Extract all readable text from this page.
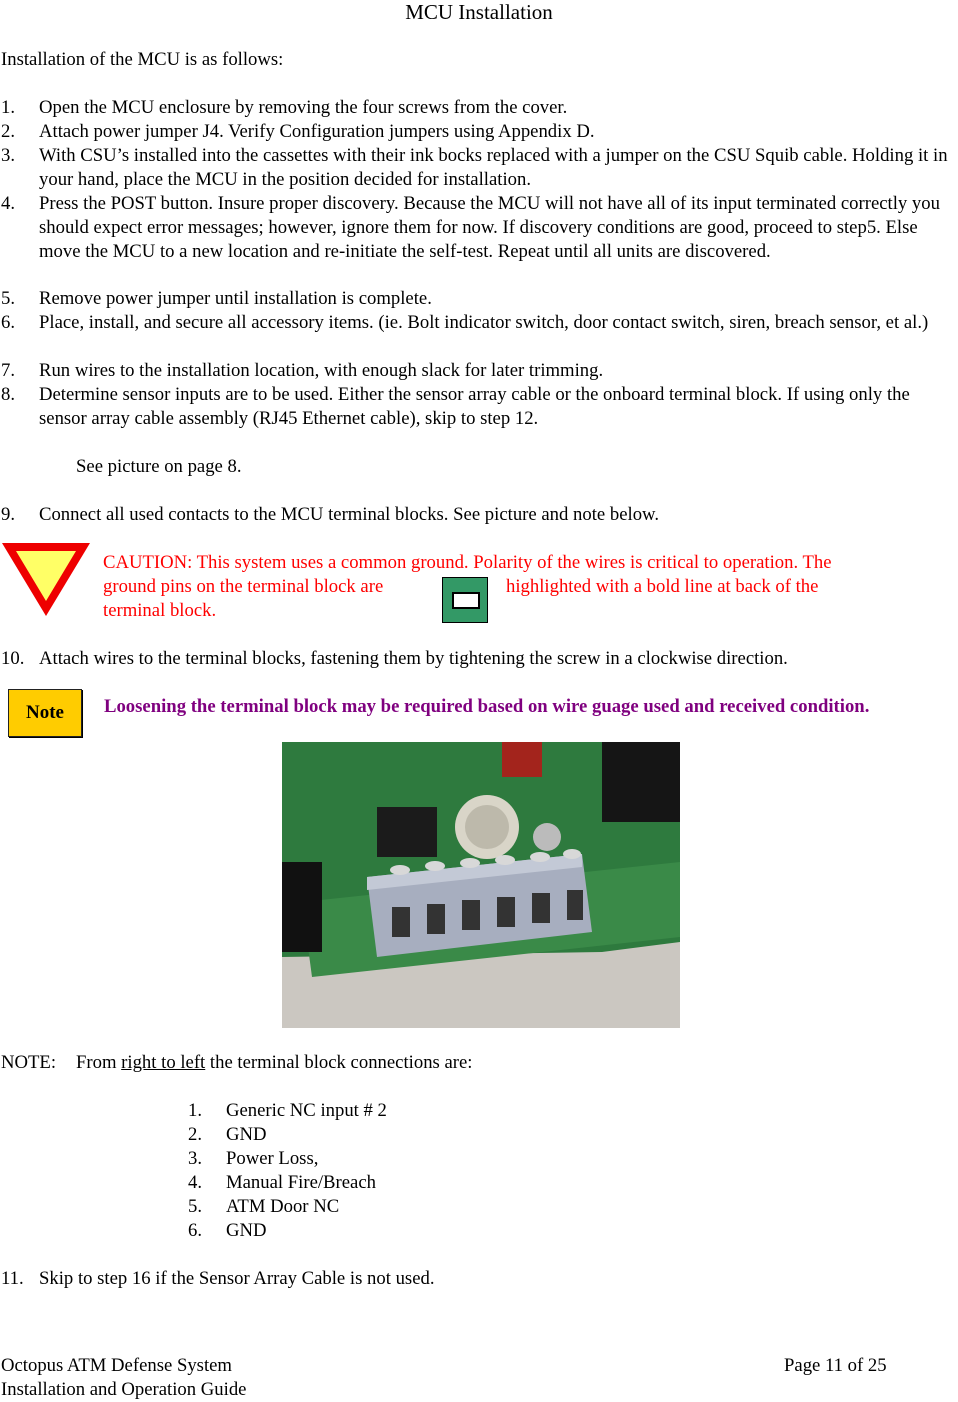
MCU Installation
Installation of the MCU is as follows:
1. Open the MCU enclosure by removing the four screws from the cover.
2. Attach power jumper J4. Verify Configuration jumpers using Appendix D.
3. With CSU’s installed into the cassettes with their ink bocks replaced with a jumper on the CSU Squib cable. Holding it in your hand, place the MCU in the position decided for installation.
4. Press the POST button. Insure proper discovery. Because the MCU will not have all of its input terminated correctly you should expect error messages; however, ignore them for now. If discovery conditions are good, proceed to step5. Else move the MCU to a new location and re-initiate the self-test. Repeat until all units are discovered.
5. Remove power jumper until installation is complete.
6. Place, install, and secure all accessory items. (ie. Bolt indicator switch, door contact switch, siren, breach sensor, et al.)
7. Run wires to the installation location, with enough slack for later trimming.
8. Determine sensor inputs are to be used. Either the sensor array cable or the onboard terminal block. If using only the sensor array cable assembly (RJ45 Ethernet cable), skip to step 12.
See picture on page 8.
9. Connect all used contacts to the MCU terminal blocks. See picture and note below.
CAUTION: This system uses a common ground. Polarity of the wires is critical to operation. The
ground pins on the terminal block are	highlighted with a bold line at back of the
terminal block.
10. Attach wires to the terminal blocks, fastening them by tightening the screw in a clockwise direction.
Note	Loosening the terminal block may be required based on wire guage used and received condition.
NOTE: From right to left the terminal block connections are:
1. Generic NC input # 2
2. GND
3. Power Loss,
4. Manual Fire/Breach
5. ATM Door NC
6. GND
11. Skip to step 16 if the Sensor Array Cable is not used.
Octopus ATM Defense System
Installation and Operation Guide
Page 11 of 25
